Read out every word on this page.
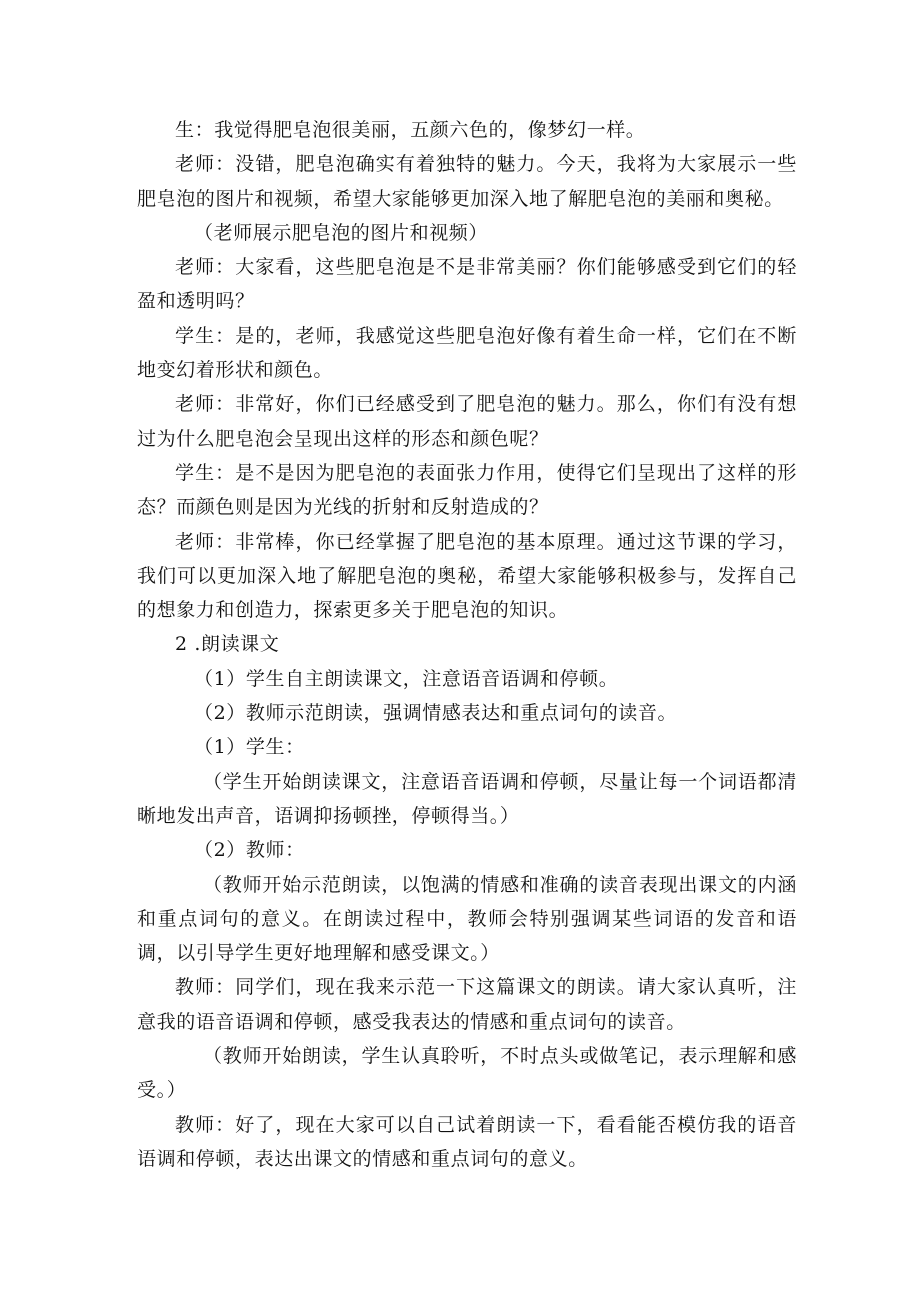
生：我觉得肥皂泡很美丽，五颜六色的，像梦幻一样。

老师：没错，肥皂泡确实有着独特的魅力。今天，我将为大家展示一些肥皂泡的图片和视频，希望大家能够更加深入地了解肥皂泡的美丽和奥秘。

（老师展示肥皂泡的图片和视频）

老师：大家看，这些肥皂泡是不是非常美丽？你们能够感受到它们的轻盈和透明吗？

学生：是的，老师，我感觉这些肥皂泡好像有着生命一样，它们在不断地变幻着形状和颜色。

老师：非常好，你们已经感受到了肥皂泡的魅力。那么，你们有没有想过为什么肥皂泡会呈现出这样的形态和颜色呢？

学生：是不是因为肥皂泡的表面张力作用，使得它们呈现出了这样的形态？而颜色则是因为光线的折射和反射造成的？

老师：非常棒，你已经掌握了肥皂泡的基本原理。通过这节课的学习，我们可以更加深入地了解肥皂泡的奥秘，希望大家能够积极参与，发挥自己的想象力和创造力，探索更多关于肥皂泡的知识。

2 .朗读课文

（1）学生自主朗读课文，注意语音语调和停顿。

（2）教师示范朗读，强调情感表达和重点词句的读音。

（1）学生：

（学生开始朗读课文，注意语音语调和停顿，尽量让每一个词语都清晰地发出声音，语调抑扬顿挫，停顿得当。）

（2）教师：

（教师开始示范朗读，以饱满的情感和准确的读音表现出课文的内涵和重点词句的意义。在朗读过程中，教师会特别强调某些词语的发音和语调，以引导学生更好地理解和感受课文。）

教师：同学们，现在我来示范一下这篇课文的朗读。请大家认真听，注意我的语音语调和停顿，感受我表达的情感和重点词句的读音。

（教师开始朗读，学生认真聆听，不时点头或做笔记，表示理解和感受。）

教师：好了，现在大家可以自己试着朗读一下，看看能否模仿我的语音语调和停顿，表达出课文的情感和重点词句的意义。
